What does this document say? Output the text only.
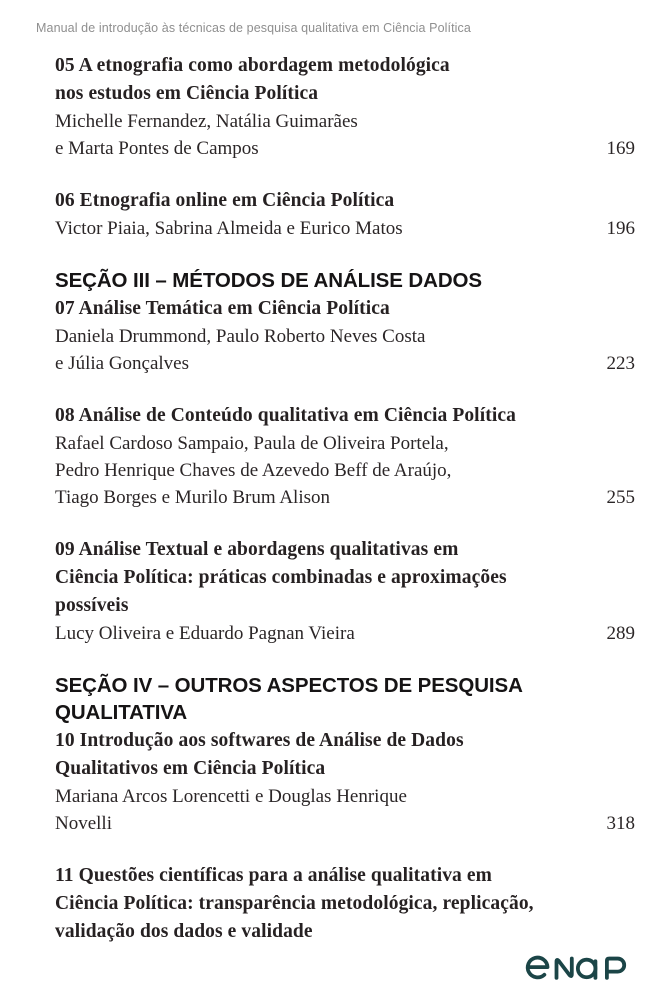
Manual de introdução às técnicas de pesquisa qualitativa em Ciência Política
05 A etnografia como abordagem metodológica
nos estudos em Ciência Política
Michelle Fernandez, Natália Guimarães
e Marta Pontes de Campos	169
06 Etnografia online em Ciência Política
Victor Piaia, Sabrina Almeida e Eurico Matos	196
SEÇÃO III – MÉTODOS DE ANÁLISE DADOS
07 Análise Temática em Ciência Política
Daniela Drummond, Paulo Roberto Neves Costa
e Júlia Gonçalves	223
08 Análise de Conteúdo qualitativa em Ciência Política
Rafael Cardoso Sampaio, Paula de Oliveira Portela,
Pedro Henrique Chaves de Azevedo Beff de Araújo,
Tiago Borges e Murilo Brum Alison	255
09 Análise Textual e abordagens qualitativas em
Ciência Política: práticas combinadas e aproximações
possíveis
Lucy Oliveira e Eduardo Pagnan Vieira	289
SEÇÃO IV – OUTROS ASPECTOS DE PESQUISA
QUALITATIVA
10 Introdução aos softwares de Análise de Dados
Qualitativos em Ciência Política
Mariana Arcos Lorencetti e Douglas Henrique
Novelli	318
11 Questões científicas para a análise qualitativa em
Ciência Política: transparência metodológica, replicação,
validação dos dados e validade
